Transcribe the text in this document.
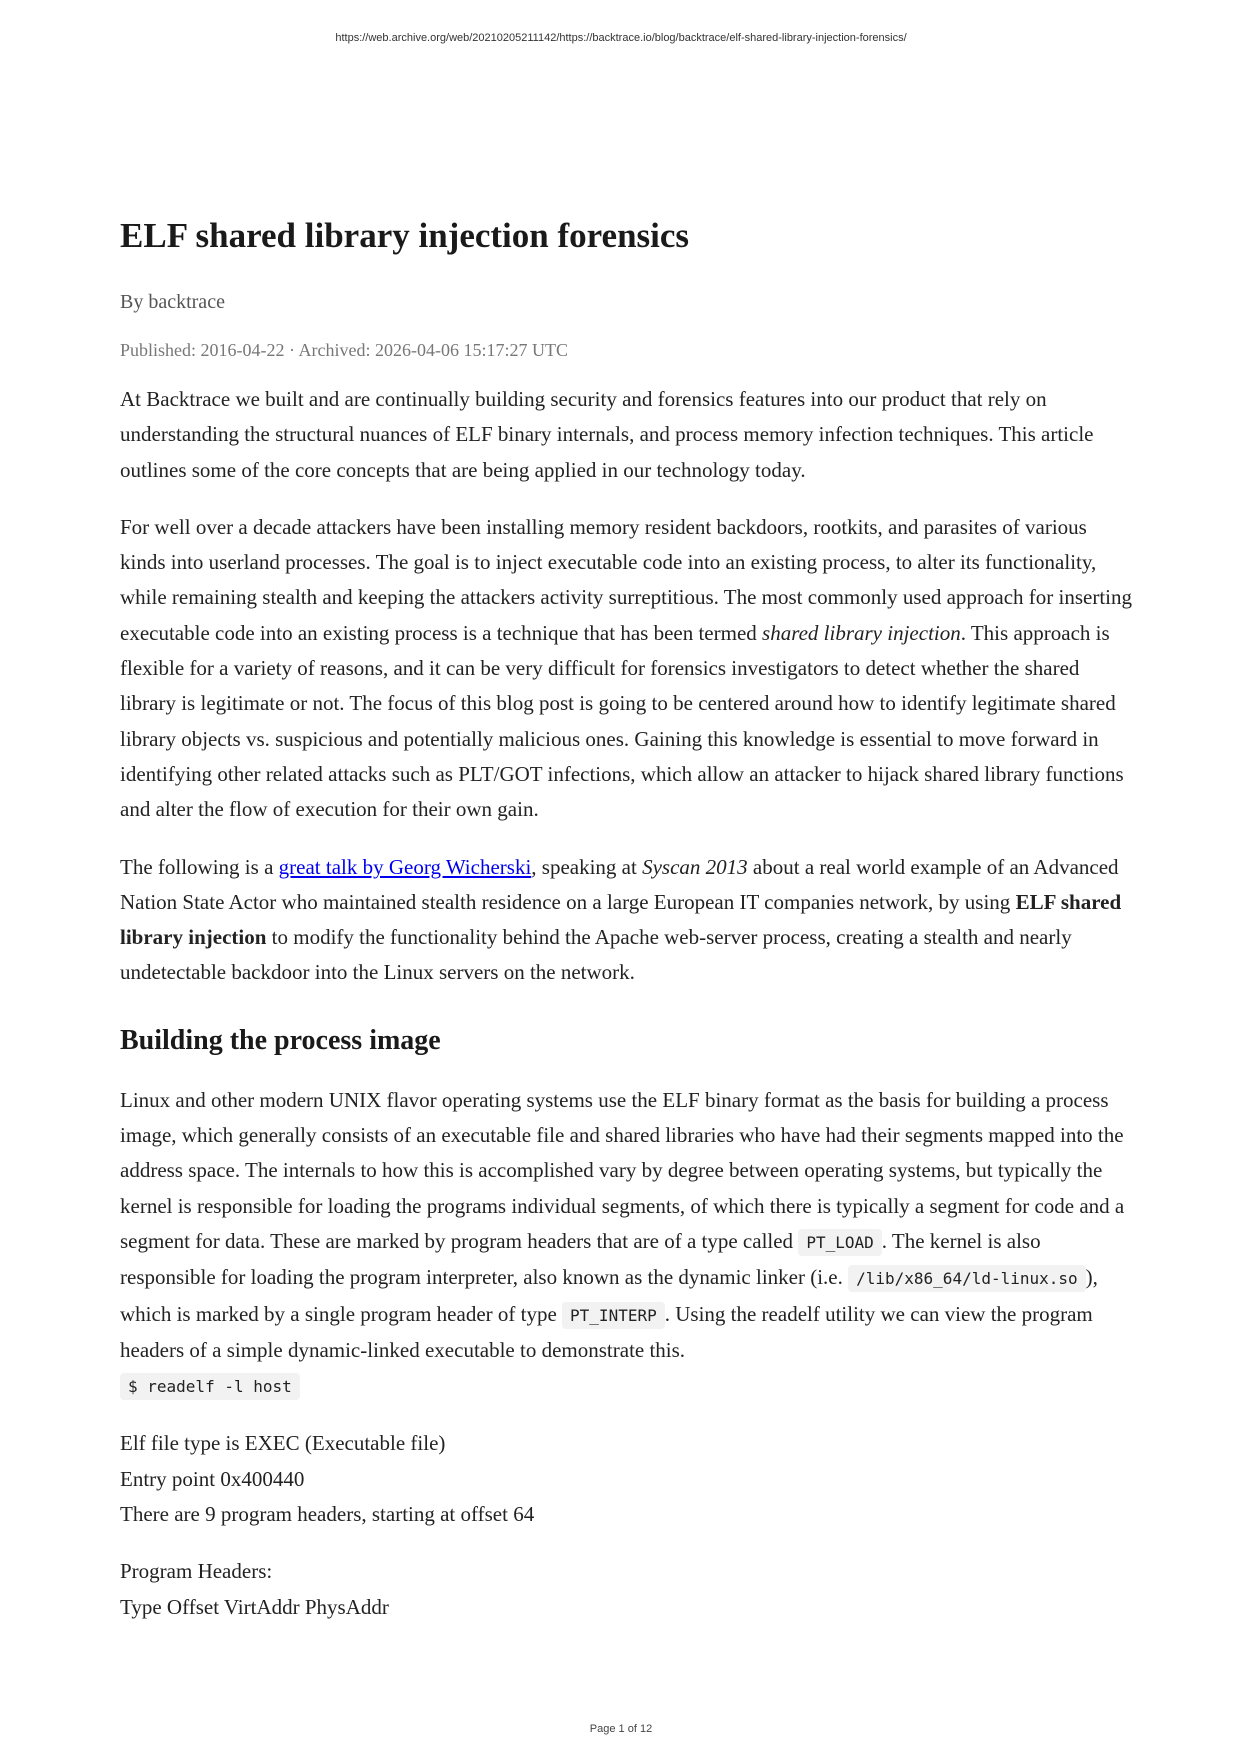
https://web.archive.org/web/20210205211142/https://backtrace.io/blog/backtrace/elf-shared-library-injection-forensics/
ELF shared library injection forensics
By backtrace
Published: 2016-04-22 · Archived: 2026-04-06 15:17:27 UTC

At Backtrace we built and are continually building security and forensics features into our product that rely on understanding the structural nuances of ELF binary internals, and process memory infection techniques. This article outlines some of the core concepts that are being applied in our technology today.

For well over a decade attackers have been installing memory resident backdoors, rootkits, and parasites of various kinds into userland processes. The goal is to inject executable code into an existing process, to alter its functionality, while remaining stealth and keeping the attackers activity surreptitious. The most commonly used approach for inserting executable code into an existing process is a technique that has been termed shared library injection. This approach is flexible for a variety of reasons, and it can be very difficult for forensics investigators to detect whether the shared library is legitimate or not. The focus of this blog post is going to be centered around how to identify legitimate shared library objects vs. suspicious and potentially malicious ones. Gaining this knowledge is essential to move forward in identifying other related attacks such as PLT/GOT infections, which allow an attacker to hijack shared library functions and alter the flow of execution for their own gain.

The following is a great talk by Georg Wicherski, speaking at Syscan 2013 about a real world example of an Advanced Nation State Actor who maintained stealth residence on a large European IT companies network, by using ELF shared library injection to modify the functionality behind the Apache web-server process, creating a stealth and nearly undetectable backdoor into the Linux servers on the network.

Building the process image

Linux and other modern UNIX flavor operating systems use the ELF binary format as the basis for building a process image, which generally consists of an executable file and shared libraries who have had their segments mapped into the address space. The internals to how this is accomplished vary by degree between operating systems, but typically the kernel is responsible for loading the programs individual segments, of which there is typically a segment for code and a segment for data. These are marked by program headers that are of a type called PT_LOAD . The kernel is also responsible for loading the program interpreter, also known as the dynamic linker (i.e. /lib/x86_64/ld-linux.so ), which is marked by a single program header of type PT_INTERP . Using the readelf utility we can view the program headers of a simple dynamic-linked executable to demonstrate this.
$ readelf -l host

Elf file type is EXEC (Executable file)
Entry point 0x400440
There are 9 program headers, starting at offset 64

Program Headers:
Type Offset VirtAddr PhysAddr

Page 1 of 12
